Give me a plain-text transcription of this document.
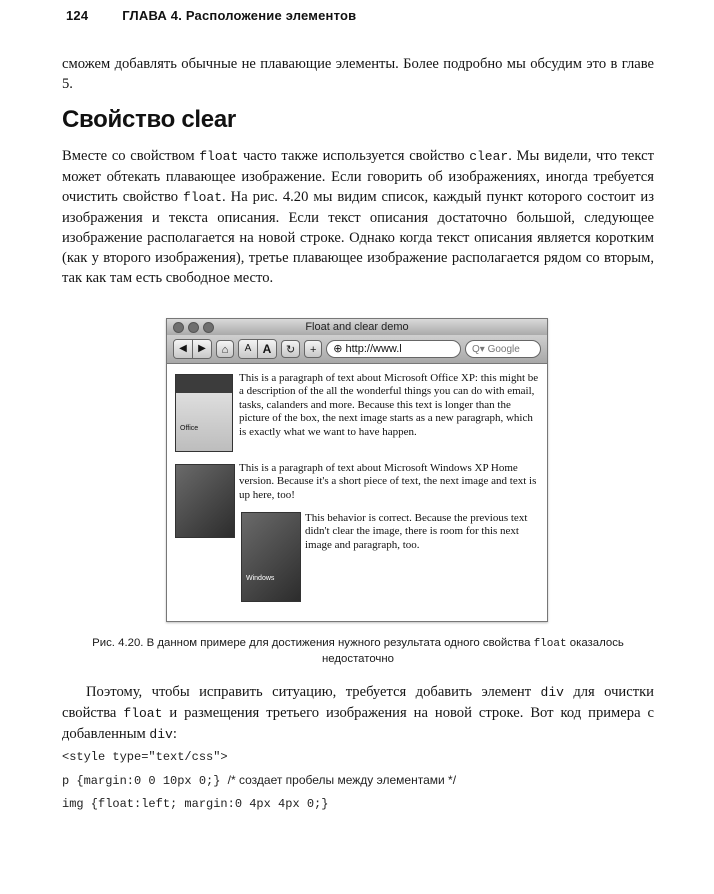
124	ГЛАВА 4. Расположение элементов
сможем добавлять обычные не плавающие элементы. Более подробно мы обсудим это в главе 5.
Свойство clear
Вместе со свойством float часто также используется свойство clear. Мы видели, что текст может обтекать плавающее изображение. Если говорить об изображениях, иногда требуется очистить свойство float. На рис. 4.20 мы видим список, каждый пункт которого состоит из изображения и текста описания. Если текст описания достаточно большой, следующее изображение располагается на новой строке. Однако когда текст описания является коротким (как у второго изображения), третье плавающее изображение располагается рядом со вторым, так как там есть свободное место.
Float and clear demo
◀	▶	⌂	A A	↻	+	⊕ http://www.l	Q▾ Google
Office
This is a paragraph of text about Microsoft Office XP: this might be a description of the all the wonderful things you can do with email, tasks, calanders and more. Because this text is longer than the picture of the box, the next image starts as a new paragraph, which is exactly what we want to have happen.
This is a paragraph of text about Microsoft Windows XP Home version. Because it's a short piece of text, the next image and text is up here, too!
Windows
This behavior is correct. Because the previous text didn't clear the image, there is room for this next image and paragraph, too.
Рис. 4.20. В данном примере для достижения нужного результата одного свойства float оказалось недостаточно
Поэтому, чтобы исправить ситуацию, требуется добавить элемент div для очистки свойства float и размещения третьего изображения на новой строке. Вот код примера с добавленным div:
<style type="text/css">
p {margin:0 0 10px 0;} /* создает пробелы между элементами */
img {float:left; margin:0 4px 4px 0;}
